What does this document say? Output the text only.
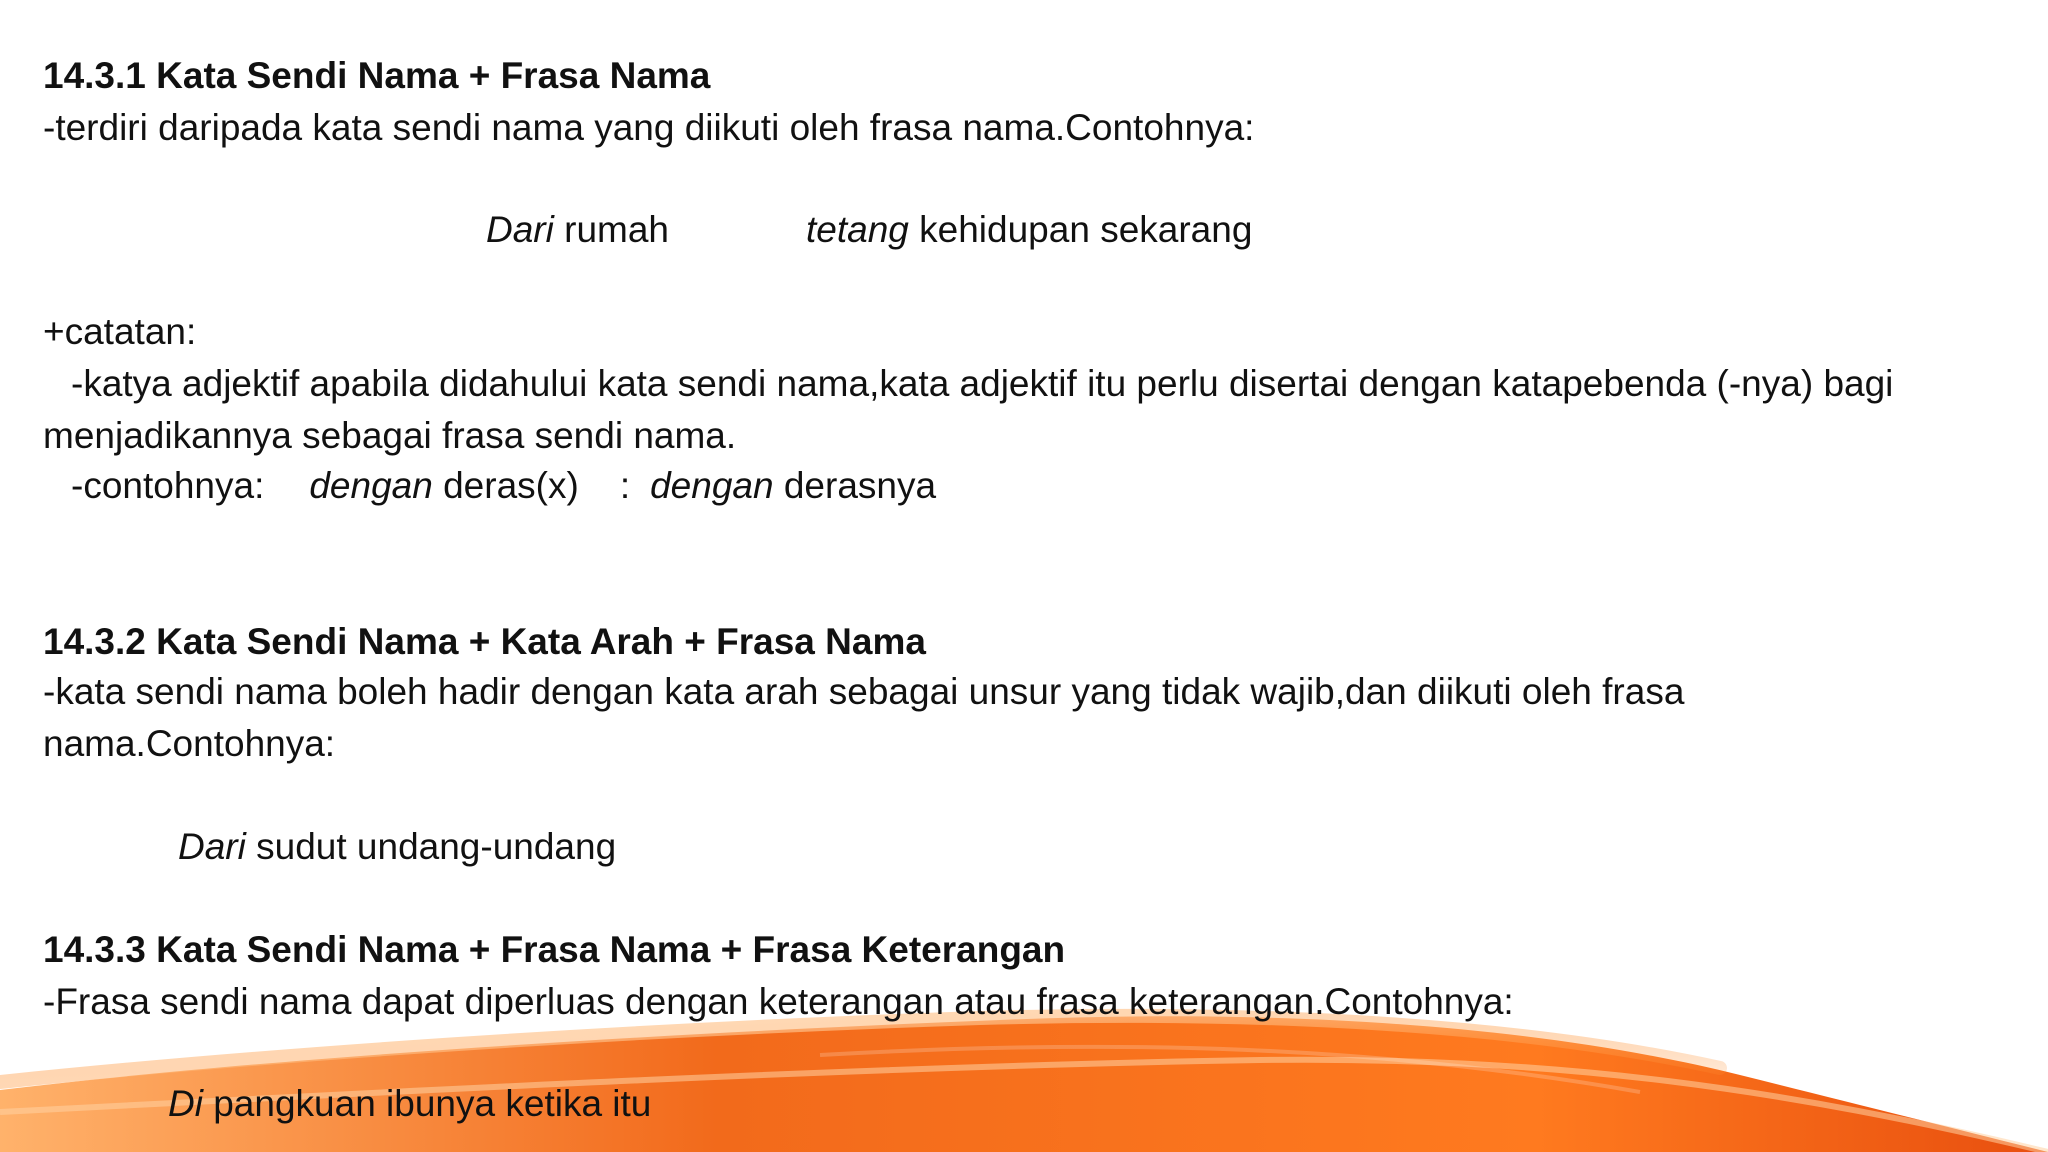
14.3.1 Kata Sendi Nama + Frasa Nama
-terdiri daripada kata sendi nama yang diikuti oleh frasa nama.Contohnya:
Dari rumah	tetang kehidupan sekarang
+catatan:
-katya adjektif apabila didahului kata sendi nama,kata adjektif itu perlu disertai dengan katapebenda (-nya) bagi
menjadikannya sebagai frasa sendi nama.
-contohnya: dengan deras(x) : dengan derasnya
14.3.2 Kata Sendi Nama + Kata Arah + Frasa Nama
-kata sendi nama boleh hadir dengan kata arah sebagai unsur yang tidak wajib,dan diikuti oleh frasa
nama.Contohnya:
Dari sudut undang-undang
14.3.3 Kata Sendi Nama + Frasa Nama + Frasa Keterangan
-Frasa sendi nama dapat diperluas dengan keterangan atau frasa keterangan.Contohnya:
Di pangkuan ibunya ketika itu
